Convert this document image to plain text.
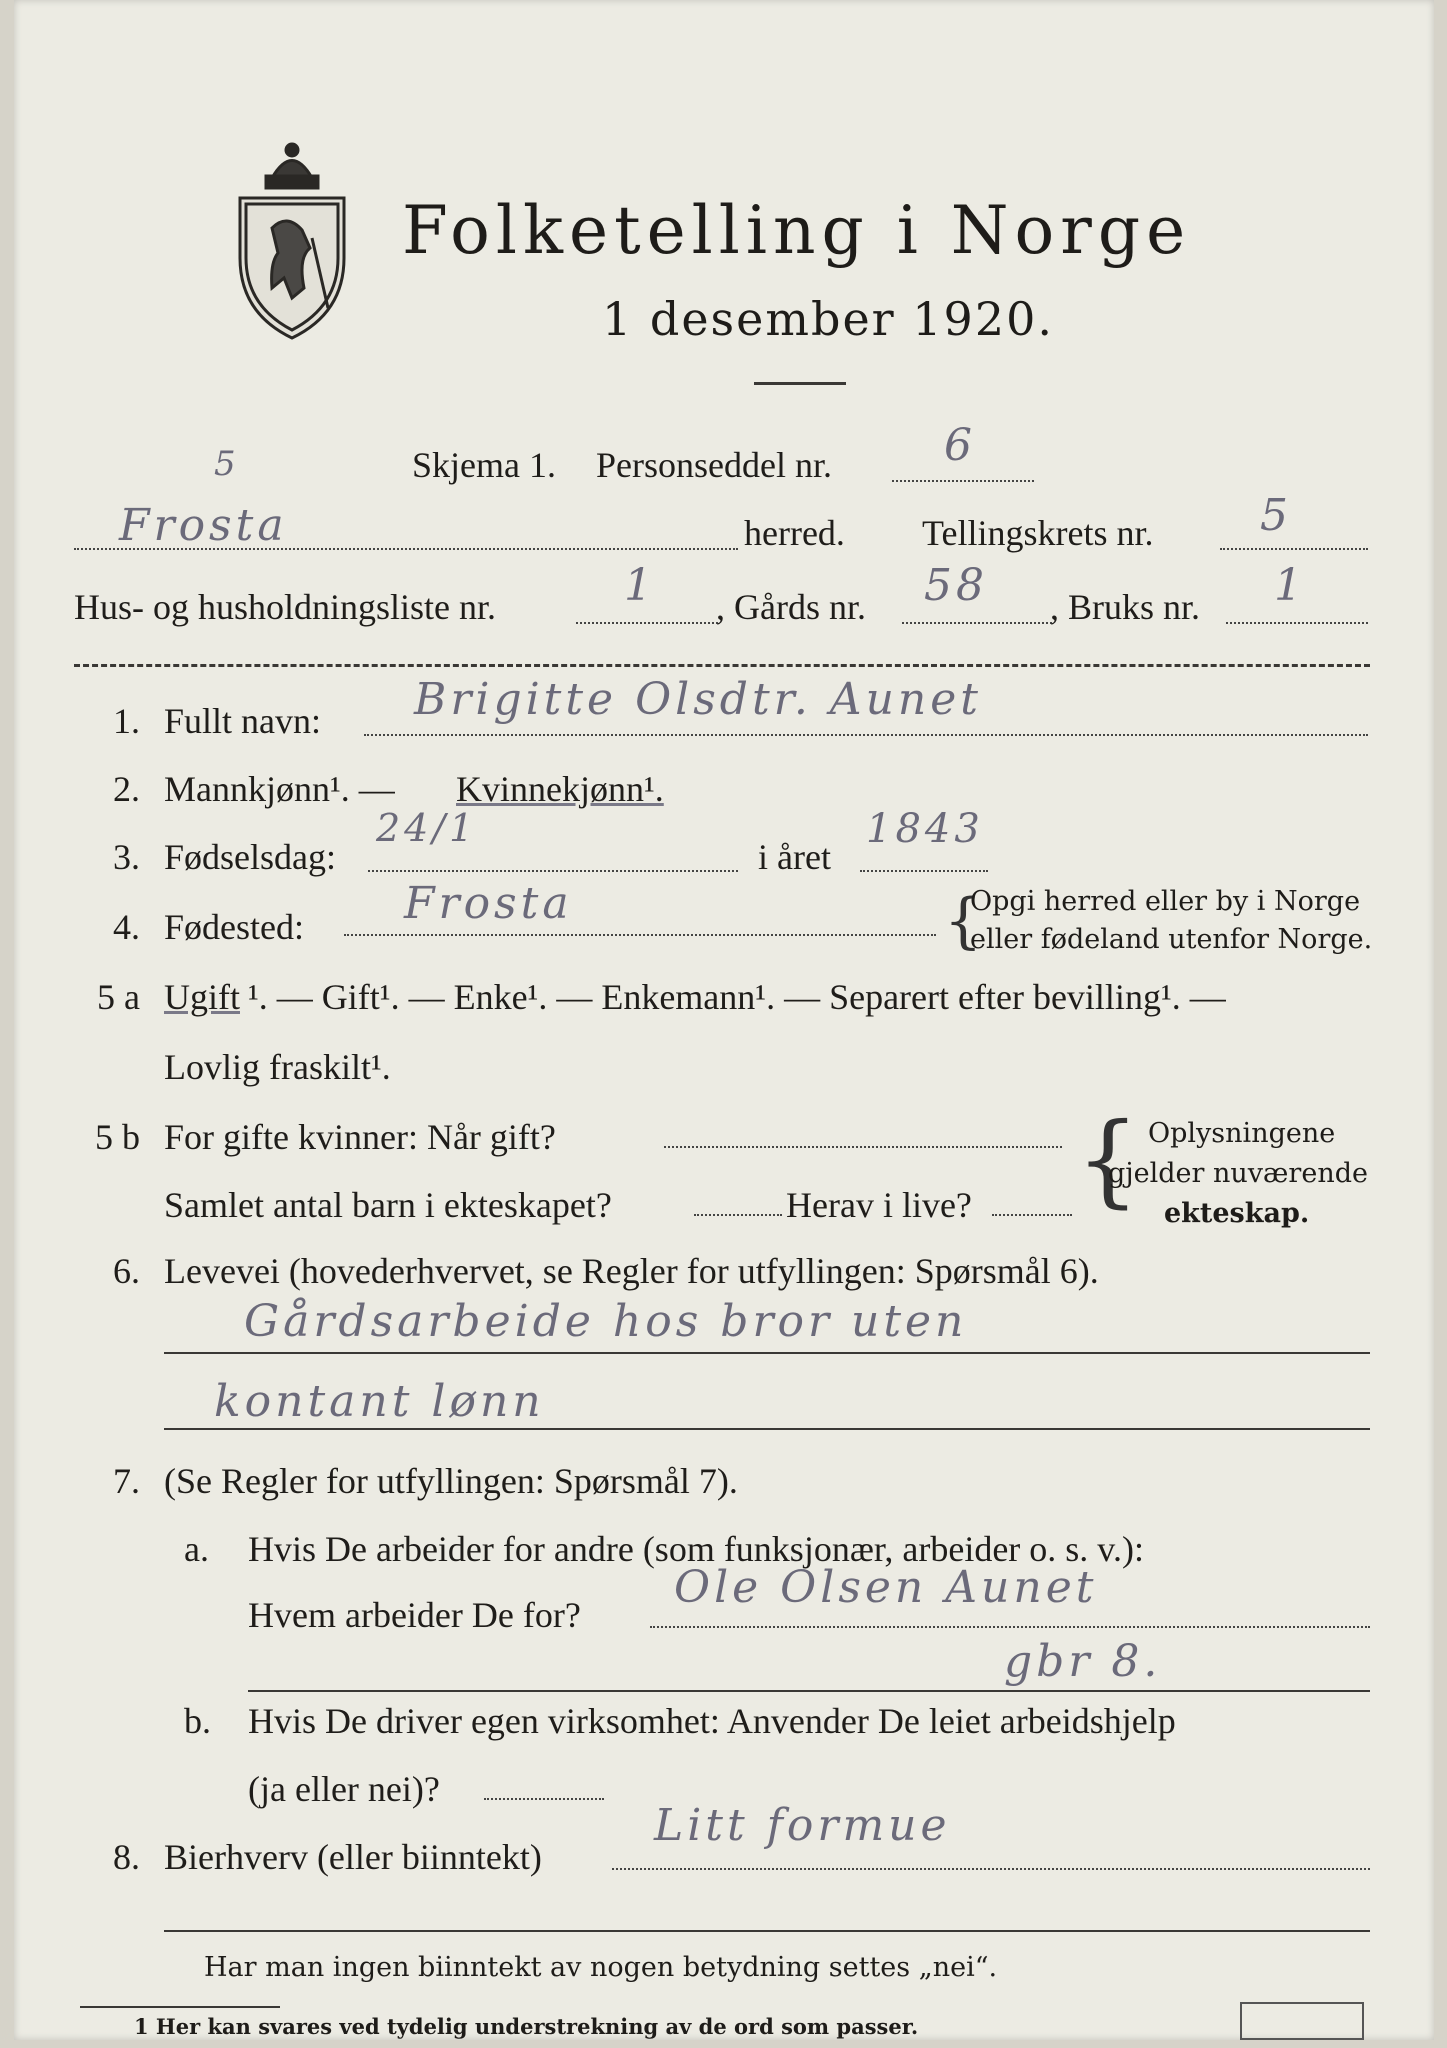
Folketelling i Norge
1 desember 1920.
Skjema 1. Personseddel nr.	6
5
Frosta	herred. Tellingskrets nr. 5
Hus- og husholdningsliste nr.	1 , Gårds nr. 58 , Bruks nr. 1
1. Fullt navn: Brigitte Olsdtr. Aunet
2. Mannkjønn¹. — Kvinnekjønn¹.
3. Fødselsdag:
24/1
i året
1843
4. Fødested: Frosta	{
Opgi herred eller by i Norge
eller fødeland utenfor Norge.
5 a Ugift ¹. — Gift¹. — Enke¹. — Enkemann¹. — Separert efter bevilling¹. —
Lovlig fraskilt¹.
5 b For gifte kvinner: Når gift?
Samlet antal barn i ekteskapet?	Herav i live? { Oplysningene
gjelder nuværende
ekteskap.
6. Levevei (hovederhvervet, se Regler for utfyllingen: Spørsmål 6).
Gårdsarbeide hos bror uten
kontant lønn
7. (Se Regler for utfyllingen: Spørsmål 7).
a. Hvis De arbeider for andre (som funksjonær, arbeider o. s. v.):
Hvem arbeider De for?
Ole Olsen Aunet
gbr 8.
b. Hvis De driver egen virksomhet: Anvender De leiet arbeidshjelp
(ja eller nei)?
8. Bierhverv (eller biinntekt)
Litt formue
Har man ingen biinntekt av nogen betydning settes „nei“.
1 Her kan svares ved tydelig understrekning av de ord som passer.
